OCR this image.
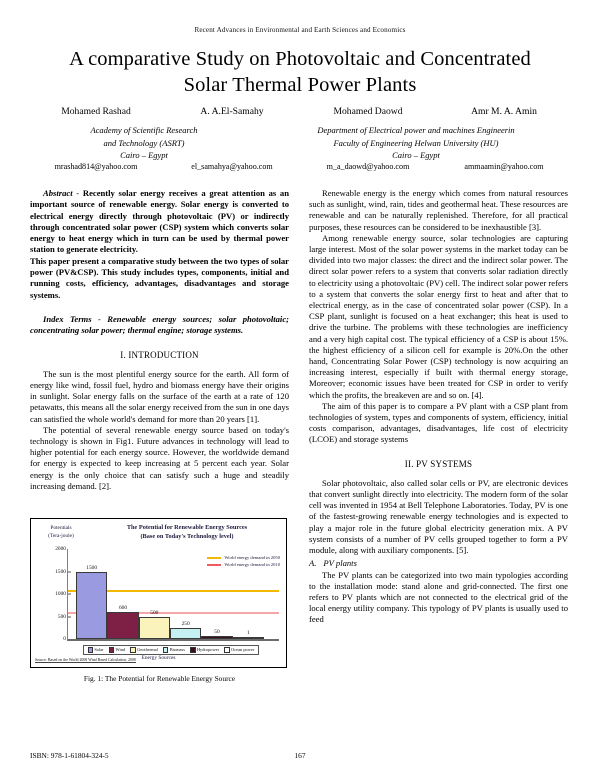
Recent Advances in Environmental and Earth Sciences and Economics
A comparative Study on Photovoltaic and Concentrated
Solar Thermal Power Plants
Mohamed Rashad	A. A.El-Samahy	Mohamed Daowd	Amr M. A. Amin
Academy of Scientific Research
and Technology (ASRT)
Cairo – Egypt
Department of Electrical power and machines Engineerin
Faculty of Engineering Helwan University (HU)
Cairo – Egypt
mrashad814@yahoo.com	el_samahya@yahoo.com	m_a_daowd@yahoo.com	ammaamin@yahoo.com

Abstract - Recently solar energy receives a great attention as an important source of renewable energy. Solar energy is converted to electrical energy directly through photovoltaic (PV) or indirectly through concentrated solar power (CSP) system which converts solar energy to heat energy which in turn can be used by thermal power station to generate electricity.

This paper present a comparative study between the two types of solar power (PV&CSP). This study includes types, components, initial and running costs, efficiency, advantages, disadvantages and storage systems.

Index Terms - Renewable energy sources; solar photovoltaic; concentrating solar power; thermal engine; storage systems.

I. INTRODUCTION

The sun is the most plentiful energy source for the earth. All form of energy like wind, fossil fuel, hydro and biomass energy have their origins in sunlight. Solar energy falls on the surface of the earth at a rate of 120 petawatts, this means all the solar energy received from the sun in one days can satisfied the whole world's demand for more than 20 years [1].

The potential of several renewable energy source based on today's technology is shown in Fig1. Future advances in technology will lead to higher potential for each energy source. However, the worldwide demand for energy is expected to keep increasing at 5 percent each year. Solar energy is the only choice that can satisfy such a huge and steadily increasing demand. [2].

The Potential for Renewable Energy Sources
(Base on Today's Technology level)
Potentials
(Tera-joule)
2000
1500
1000
500
0
1500
600
500
250
50	1
World energy demand in 2050
World energy demand in 2010
Solar	Wind	Geothermal	Biomass	Hydropower	Ocean power
Energy Sources
Source: Based on the World 2008 Wind Based Calculation, 2008
Fig. 1: The Potential for Renewable Energy Source

Renewable energy is the energy which comes from natural resources such as sunlight, wind, rain, tides and geothermal heat. These resources are renewable and can be naturally replenished. Therefore, for all practical purposes, these resources can be considered to be inexhaustible [3].

Among renewable energy source, solar technologies are capturing large interest. Most of the solar power systems in the market today can be divided into two major classes: the direct and the indirect solar power. The direct solar power refers to a system that converts solar radiation directly to electricity using a photovoltaic (PV) cell. The indirect solar power refers to a system that converts the solar energy first to heat and after that to electrical energy, as in the case of concentrated solar power (CSP). In a CSP plant, sunlight is focused on a heat exchanger; this heat is used to drive the turbine. The problems with these technologies are inefficiency and a very high capital cost. The typical efficiency of a CSP is about 15%. the highest efficiency of a silicon cell for example is 20%.On the other hand, Concentrating Solar Power (CSP) technology is now acquiring an increasing interest, especially if built with thermal energy storage, Moreover; economic issues have been treated for CSP in order to verify which the profits, the breakeven are and so on. [4].

The aim of this paper is to compare a PV plant with a CSP plant from technologies of system, types and components of system, efficiency, initial costs comparison, advantages, disadvantages, life cost of electricity (LCOE) and storage systems

II. PV SYSTEMS

Solar photovoltaic, also called solar cells or PV, are electronic devices that convert sunlight directly into electricity. The modern form of the solar cell was invented in 1954 at Bell Telephone Laboratories. Today, PV is one of the fastest-growing renewable energy technologies and is expected to play a major role in the future global electricity generation mix. A PV system consists of a number of PV cells grouped together to form a PV module, along with auxiliary components. [5].

A. PV plants

The PV plants can be categorized into two main typologies according to the installation mode: stand alone and grid-connected. The first one refers to PV plants which are not connected to the electrical grid of the local energy utility company. This typology of PV plants is usually used to feed

ISBN: 978-1-61804-324-5	167
